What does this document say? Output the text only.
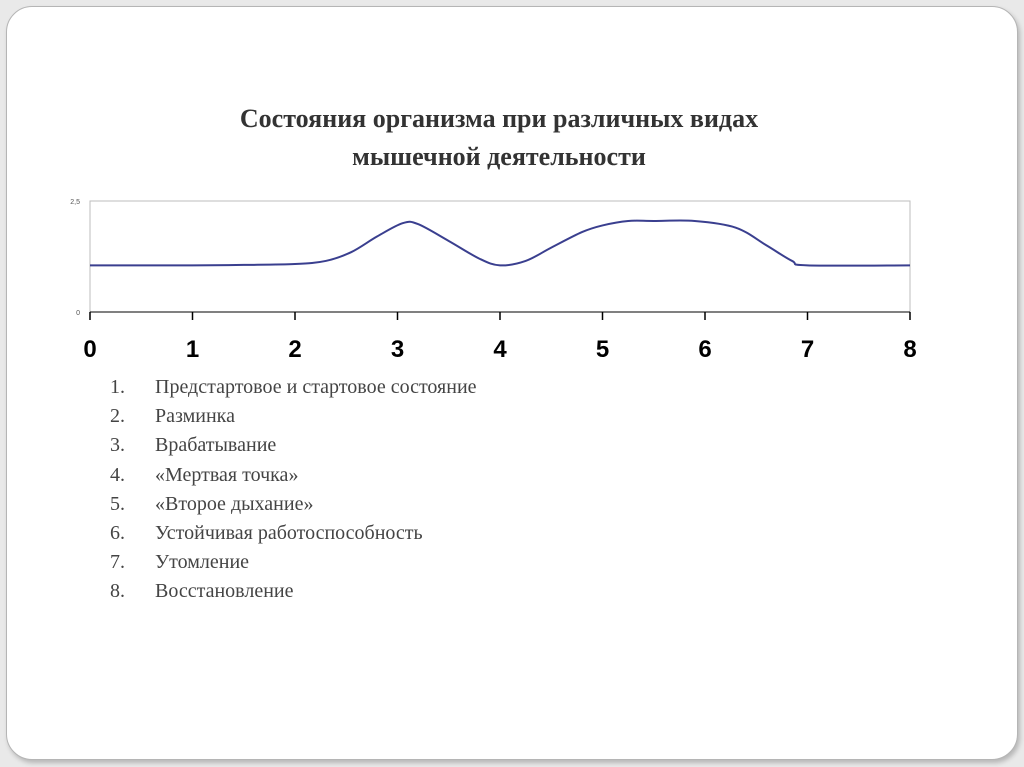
Состояния организма при различных видах
мышечной деятельности
2,5
0
0	1	2	3	4	5	6	7	8
1. Предстартовое и стартовое состояние
2. Разминка
3. Врабатывание
4. «Мертвая точка»
5. «Второе дыхание»
6. Устойчивая работоспособность
7. Утомление
8. Восстановление
